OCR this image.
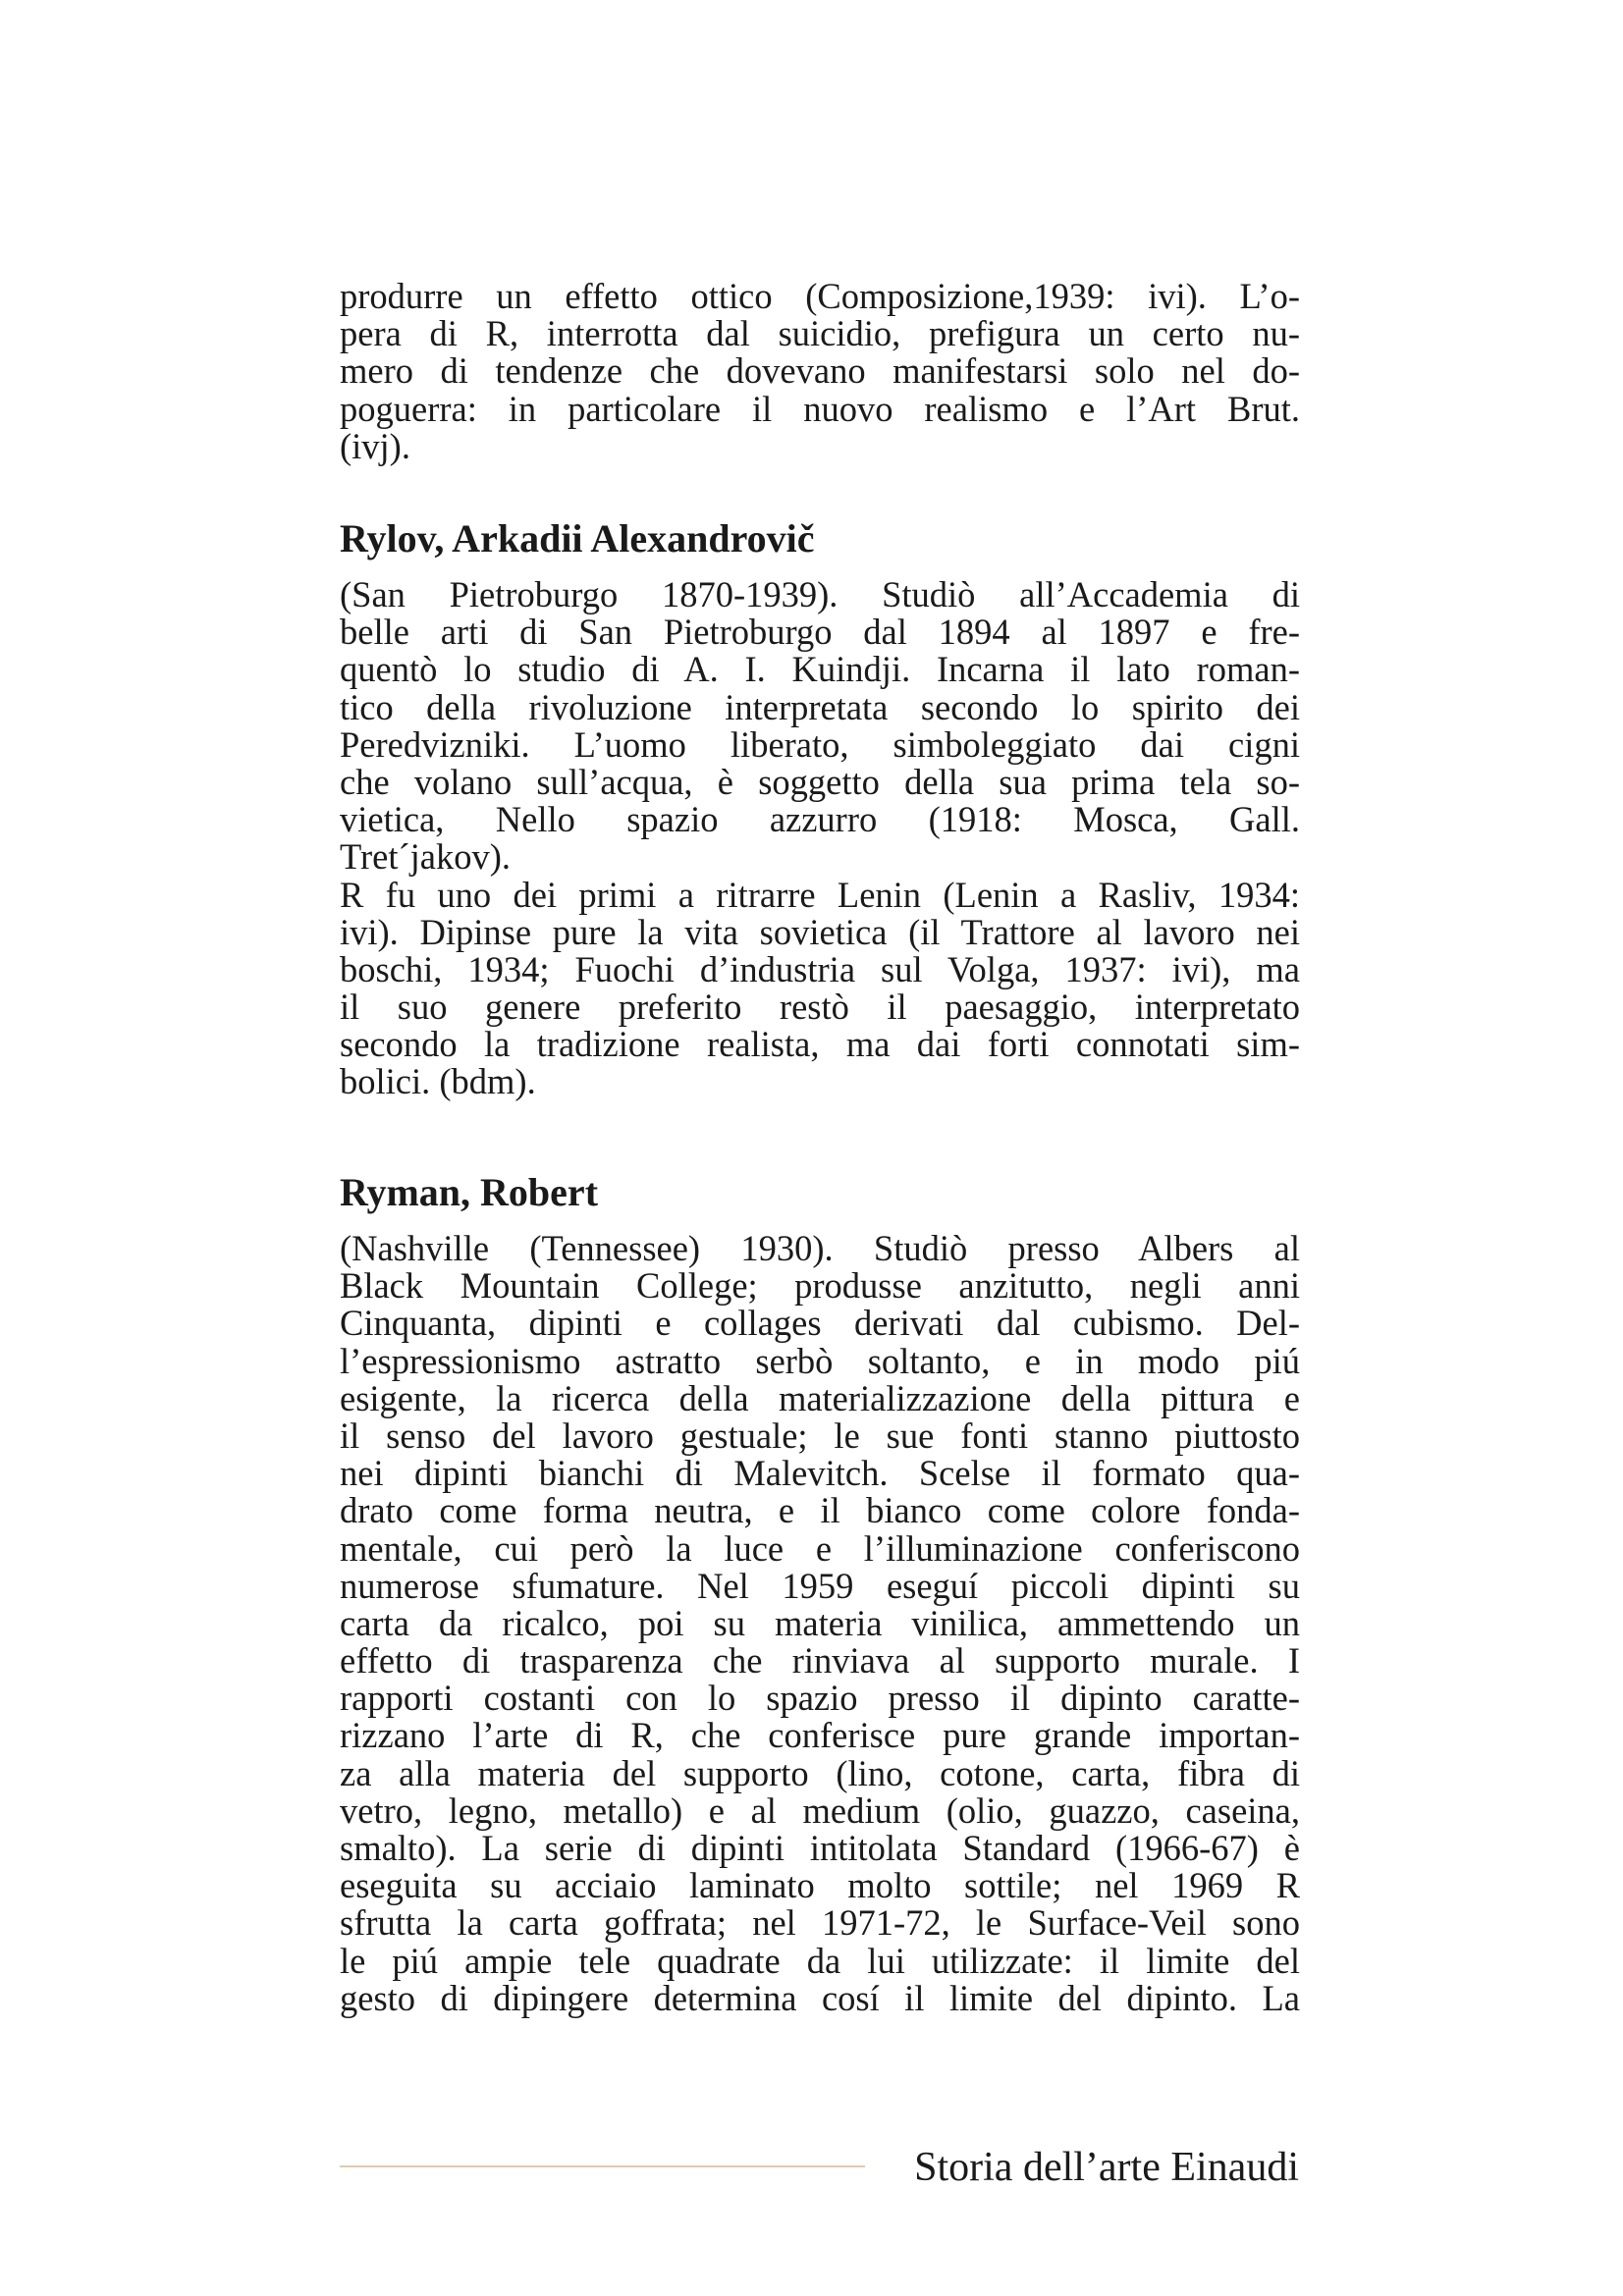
produrre un effetto ottico (Composizione,1939: ivi). L’o-
pera di R, interrotta dal suicidio, prefigura un certo nu-
mero di tendenze che dovevano manifestarsi solo nel do-
poguerra: in particolare il nuovo realismo e l’Art Brut.
(ivj).
Rylov, Arkadii Alexandrovič
(San Pietroburgo 1870-1939). Studiò all’Accademia di
belle arti di San Pietroburgo dal 1894 al 1897 e fre-
quentò lo studio di A. I. Kuindji. Incarna il lato roman-
tico della rivoluzione interpretata secondo lo spirito dei
Peredvizniki. L’uomo liberato, simboleggiato dai cigni
che volano sull’acqua, è soggetto della sua prima tela so-
vietica, Nello spazio azzurro (1918: Mosca, Gall.
Tret´jakov).
R fu uno dei primi a ritrarre Lenin (Lenin a Rasliv, 1934:
ivi). Dipinse pure la vita sovietica (il Trattore al lavoro nei
boschi, 1934; Fuochi d’industria sul Volga, 1937: ivi), ma
il suo genere preferito restò il paesaggio, interpretato
secondo la tradizione realista, ma dai forti connotati sim-
bolici. (bdm).
Ryman, Robert
(Nashville (Tennessee) 1930). Studiò presso Albers al
Black Mountain College; produsse anzitutto, negli anni
Cinquanta, dipinti e collages derivati dal cubismo. Del-
l’espressionismo astratto serbò soltanto, e in modo piú
esigente, la ricerca della materializzazione della pittura e
il senso del lavoro gestuale; le sue fonti stanno piuttosto
nei dipinti bianchi di Malevitch. Scelse il formato qua-
drato come forma neutra, e il bianco come colore fonda-
mentale, cui però la luce e l’illuminazione conferiscono
numerose sfumature. Nel 1959 eseguí piccoli dipinti su
carta da ricalco, poi su materia vinilica, ammettendo un
effetto di trasparenza che rinviava al supporto murale. I
rapporti costanti con lo spazio presso il dipinto caratte-
rizzano l’arte di R, che conferisce pure grande importan-
za alla materia del supporto (lino, cotone, carta, fibra di
vetro, legno, metallo) e al medium (olio, guazzo, caseina,
smalto). La serie di dipinti intitolata Standard (1966-67) è
eseguita su acciaio laminato molto sottile; nel 1969 R
sfrutta la carta goffrata; nel 1971-72, le Surface-Veil sono
le piú ampie tele quadrate da lui utilizzate: il limite del
gesto di dipingere determina cosí il limite del dipinto. La
Storia dell’arte Einaudi
